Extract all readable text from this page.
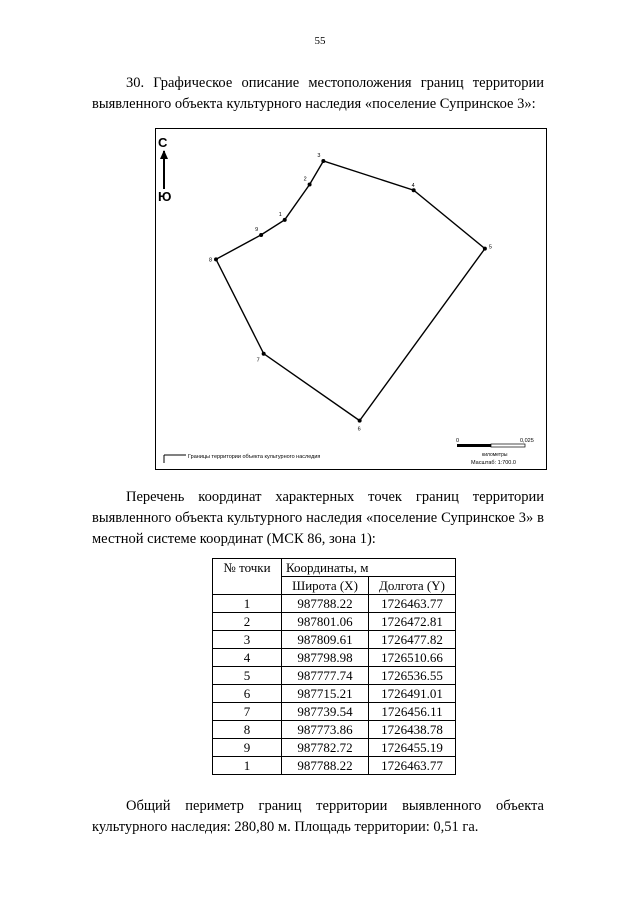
55
30. Графическое описание местоположения границ территории
выявленного объекта культурного наследия «поселение Супринское 3»:
С
Ю
1
2
3
4
5
6
7
8
9
Границы территории объекта культурного наследия
0	0,025
километры
Масштаб: 1:700.0
Перечень координат характерных точек границ территории
выявленного объекта культурного наследия «поселение Супринское 3» в
местной системе координат (МСК 86, зона 1):
№ точки	Координаты, м	
	Широта (X)	Долгота (Y)
1	987788.22	1726463.77
2	987801.06	1726472.81
3	987809.61	1726477.82
4	987798.98	1726510.66
5	987777.74	1726536.55
6	987715.21	1726491.01
7	987739.54	1726456.11
8	987773.86	1726438.78
9	987782.72	1726455.19
1	987788.22	1726463.77
Общий периметр границ территории выявленного объекта
культурного наследия: 280,80 м. Площадь территории: 0,51 га.
